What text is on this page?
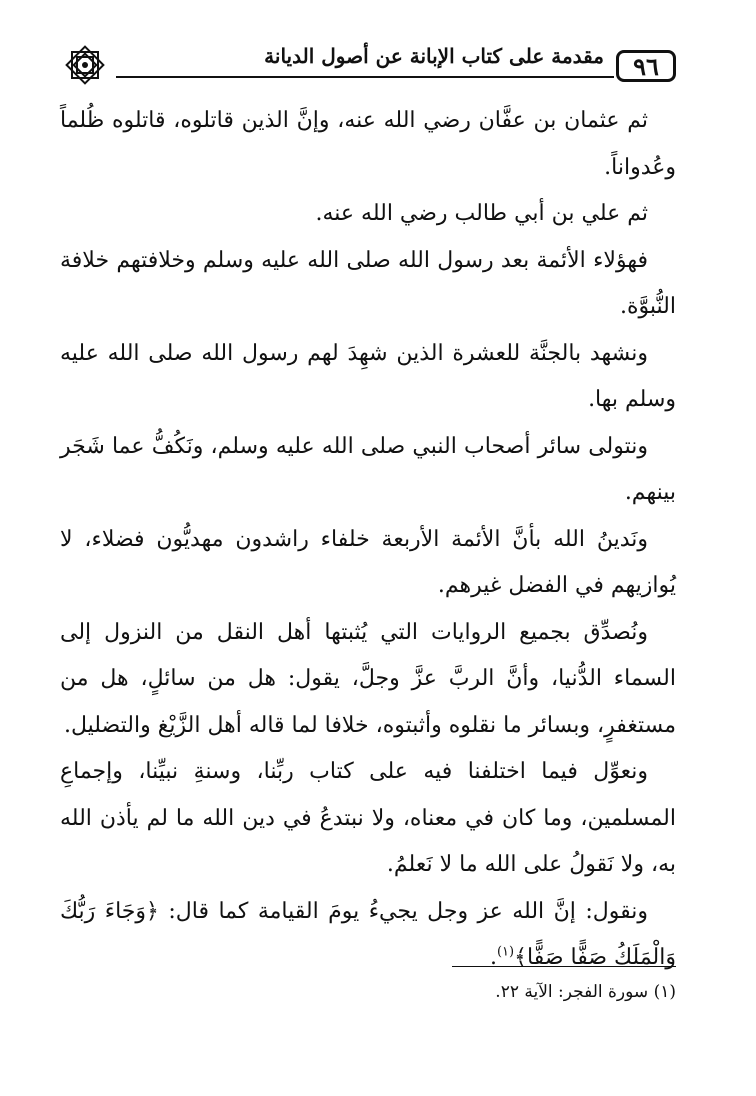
٩٦
مقدمة على كتاب الإبانة عن أصول الديانة

ثم عثمان بن عفَّان رضي الله عنه، وإنَّ الذين قاتلوه، قاتلوه ظُلماً وعُدواناً.

ثم علي بن أبي طالب رضي الله عنه.

فهؤلاء الأئمة بعد رسول الله صلى الله عليه وسلم وخلافتهم خلافة النُّبوَّة.

ونشهد بالجنَّة للعشرة الذين شهِدَ لهم رسول الله صلى الله عليه وسلم بها.

ونتولى سائر أصحاب النبي صلى الله عليه وسلم، ونَكُفُّ عما شَجَر بينهم.

ونَدينُ الله بأنَّ الأئمة الأربعة خلفاء راشدون مهديُّون فضلاء، لا يُوازيهم في الفضل غيرهم.

ونُصدِّق بجميع الروايات التي يُثبتها أهل النقل من النزول إلى السماء الدُّنيا، وأنَّ الربَّ عزَّ وجلَّ، يقول: هل من سائلٍ، هل من مستغفرٍ، وبسائر ما نقلوه وأثبتوه، خلافا لما قاله أهل الزَّيْغ والتضليل.

ونعوِّل فيما اختلفنا فيه على كتاب ربِّنا، وسنةِ نبيِّنا، وإجماعِ المسلمين، وما كان في معناه، ولا نبتدعُ في دين الله ما لم يأذن الله به، ولا نَقولُ على الله ما لا نَعلمُ.

ونقول: إنَّ الله عز وجل يجيءُ يومَ القيامة كما قال: ﴿وَجَاءَ رَبُّكَ وَالْمَلَكُ صَفًّا صَفًّا﴾$^{(١)}$.

(١) سورة الفجر: الآية ٢٢.
